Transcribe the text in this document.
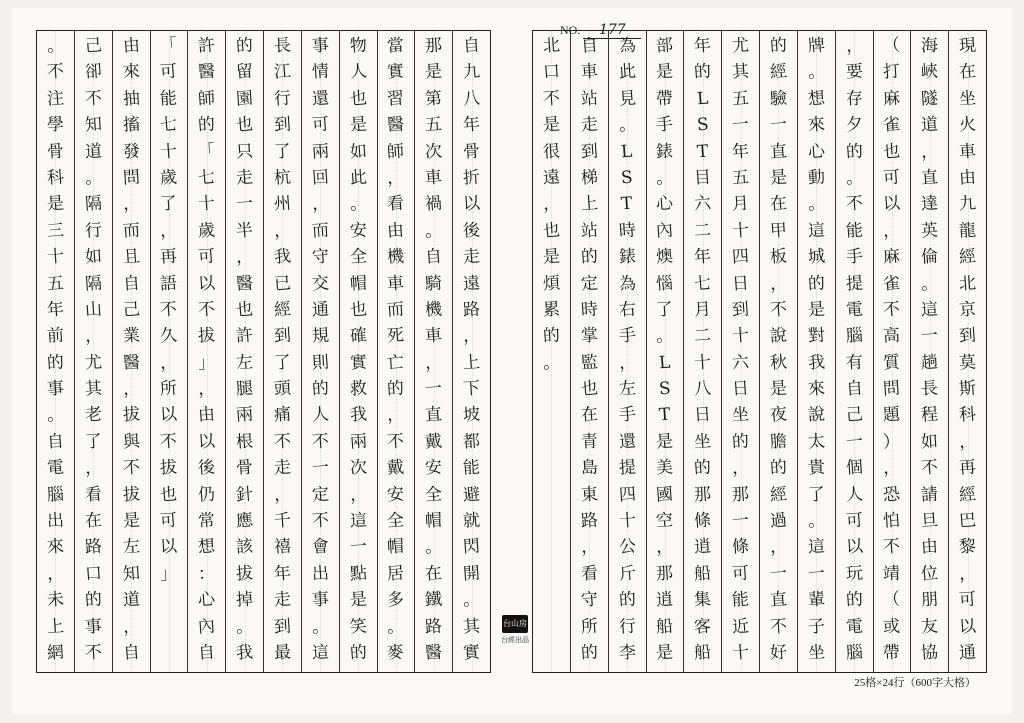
NO. 177
自
九
八
年
骨
折
以
後
走
遠
路
，
上
下
坡
都
能
避
就
閃
開
。
其
實
那
是
第
五
次
車
禍
。
自
騎
機
車
，
一
直
戴
安
全
帽
。
在
鐵
路
醫
當
實
習
醫
師
，
看
由
機
車
而
死
亡
的
，
不
戴
安
全
帽
居
多
。
麥
物
人
也
是
如
此
。
安
全
帽
也
確
實
救
我
兩
次
，
這
一
點
是
笑
的
事
情
還
可
兩
回
，
而
守
交
通
規
則
的
人
不
一
定
不
會
出
事
。
這
長
江
行
到
了
杭
州
，
我
已
經
到
了
頭
痛
不
走
，
千
禧
年
走
到
最
的
留
園
也
只
走
一
半
，
醫
也
許
左
腿
兩
根
骨
針
應
該
拔
掉
。
我
許
醫
師
的
「
七
十
歲
可
以
不
拔
」
，
由
以
後
仍
常
想
：
心
內
自
「
可
能
七
十
歲
了
，
再
語
不
久
，
所
以
不
拔
也
可
以
」
由
來
抽
搐
發
問
，
而
且
自
己
業
醫
，
拔
與
不
拔
是
左
知
道
，
自
己
卻
不
知
道
。
隔
行
如
隔
山
，
尤
其
老
了
，
看
在
路
口
的
事
不
。
不
注
學
骨
科
是
三
十
五
年
前
的
事
。
自
電
腦
出
來
，
未
上
網
現
在
坐
火
車
由
九
龍
經
北
京
到
莫
斯
科
，
再
經
巴
黎
，
可
以
通
海
峽
隧
道
，
直
達
英
倫
。
這
一
趟
長
程
如
不
請
旦
由
位
朋
友
協
（
打
麻
雀
也
可
以
，
麻
雀
不
高
質
問
題
）
，
恐
怕
不
靖
（
或
帶
，
要
存
夕
的
。
不
能
手
提
電
腦
有
自
己
一
個
人
可
以
玩
的
電
腦
牌
。
想
來
心
動
。
這
城
的
是
對
我
來
說
太
貴
了
。
這
一
輩
子
坐
的
經
驗
一
直
是
在
甲
板
，
不
說
秋
是
夜
膽
的
經
過
，
一
直
不
好
尤
其
五
一
年
五
月
十
四
日
到
十
六
日
坐
的
，
那
一
條
可
能
近
十
年
的
L
S
T
目
六
二
年
七
月
二
十
八
日
坐
的
那
條
逍
船
集
客
船
部
是
帶
手
錶
。
心
內
燠
惱
了
。
L
S
T
是
美
國
空
，
那
逍
船
是
為
此
見
。
L
S
T
時
錶
為
右
手
，
左
手
還
提
四
十
公
斤
的
行
李
自
車
站
走
到
梯
上
站
的
定
時
掌
監
也
在
青
島
東
路
，
看
守
所
的
北
口
不
是
很
遠
，
也
是
煩
累
的
。
台山房
台經出品
25格×24行（600字大格）
